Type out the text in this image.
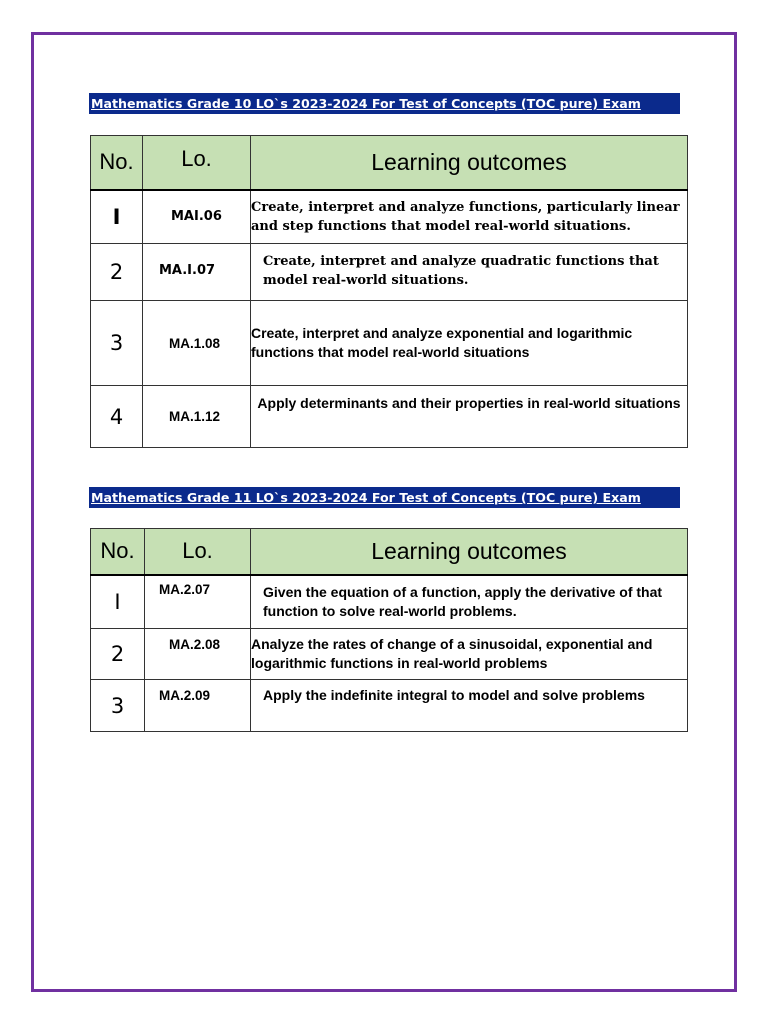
Mathematics Grade 10 LO`s 2023-2024 For Test of Concepts (TOC pure) Exam
No.	Lo.	Learning outcomes
I	MAI.06	Create, interpret and analyze functions, particularly linear and step functions that model real-world situations.
2	MA.I.07	Create, interpret and analyze quadratic functions that model real-world situations.
3	MA.1.08	Create, interpret and analyze exponential and logarithmic functions that model real-world situations
4	MA.1.12	Apply determinants and their properties in real-world situations
Mathematics Grade 11 LO`s 2023-2024 For Test of Concepts (TOC pure) Exam
No.	Lo.	Learning outcomes
I	MA.2.07	Given the equation of a function, apply the derivative of that function to solve real-world problems.
2	MA.2.08	Analyze the rates of change of a sinusoidal, exponential and logarithmic functions in real-world problems
3	MA.2.09	Apply the indefinite integral to model and solve problems
